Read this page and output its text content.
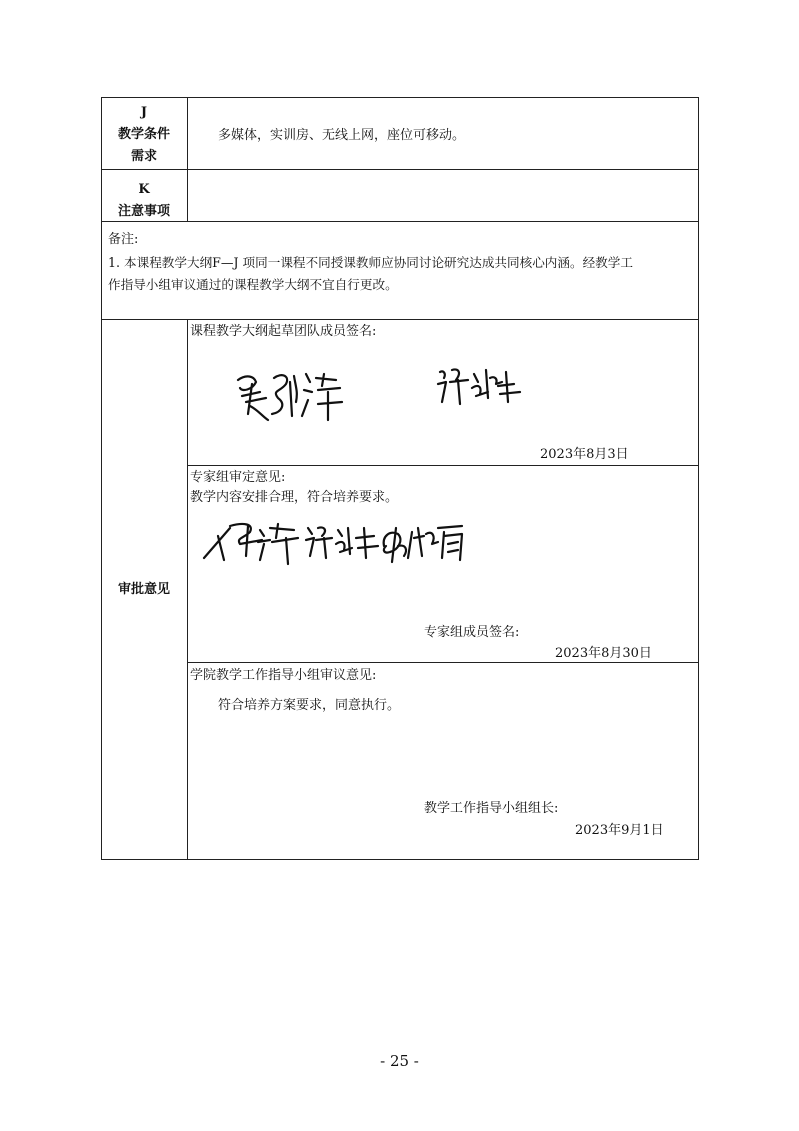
J
教学条件
需求
多媒体，实训房、无线上网，座位可移动。
K
注意事项
备注:
1. 本课程教学大纲F—J 项同一课程不同授课教师应协同讨论研究达成共同核心内涵。经教学工
作指导小组审议通过的课程教学大纲不宜自行更改。
审批意见
课程教学大纲起草团队成员签名:
2023年8月3日
专家组审定意见:
教学内容安排合理，符合培养要求。
专家组成员签名:
2023年8月30日
学院教学工作指导小组审议意见:
符合培养方案要求，同意执行。
教学工作指导小组组长:
2023年9月1日
- 25 -
